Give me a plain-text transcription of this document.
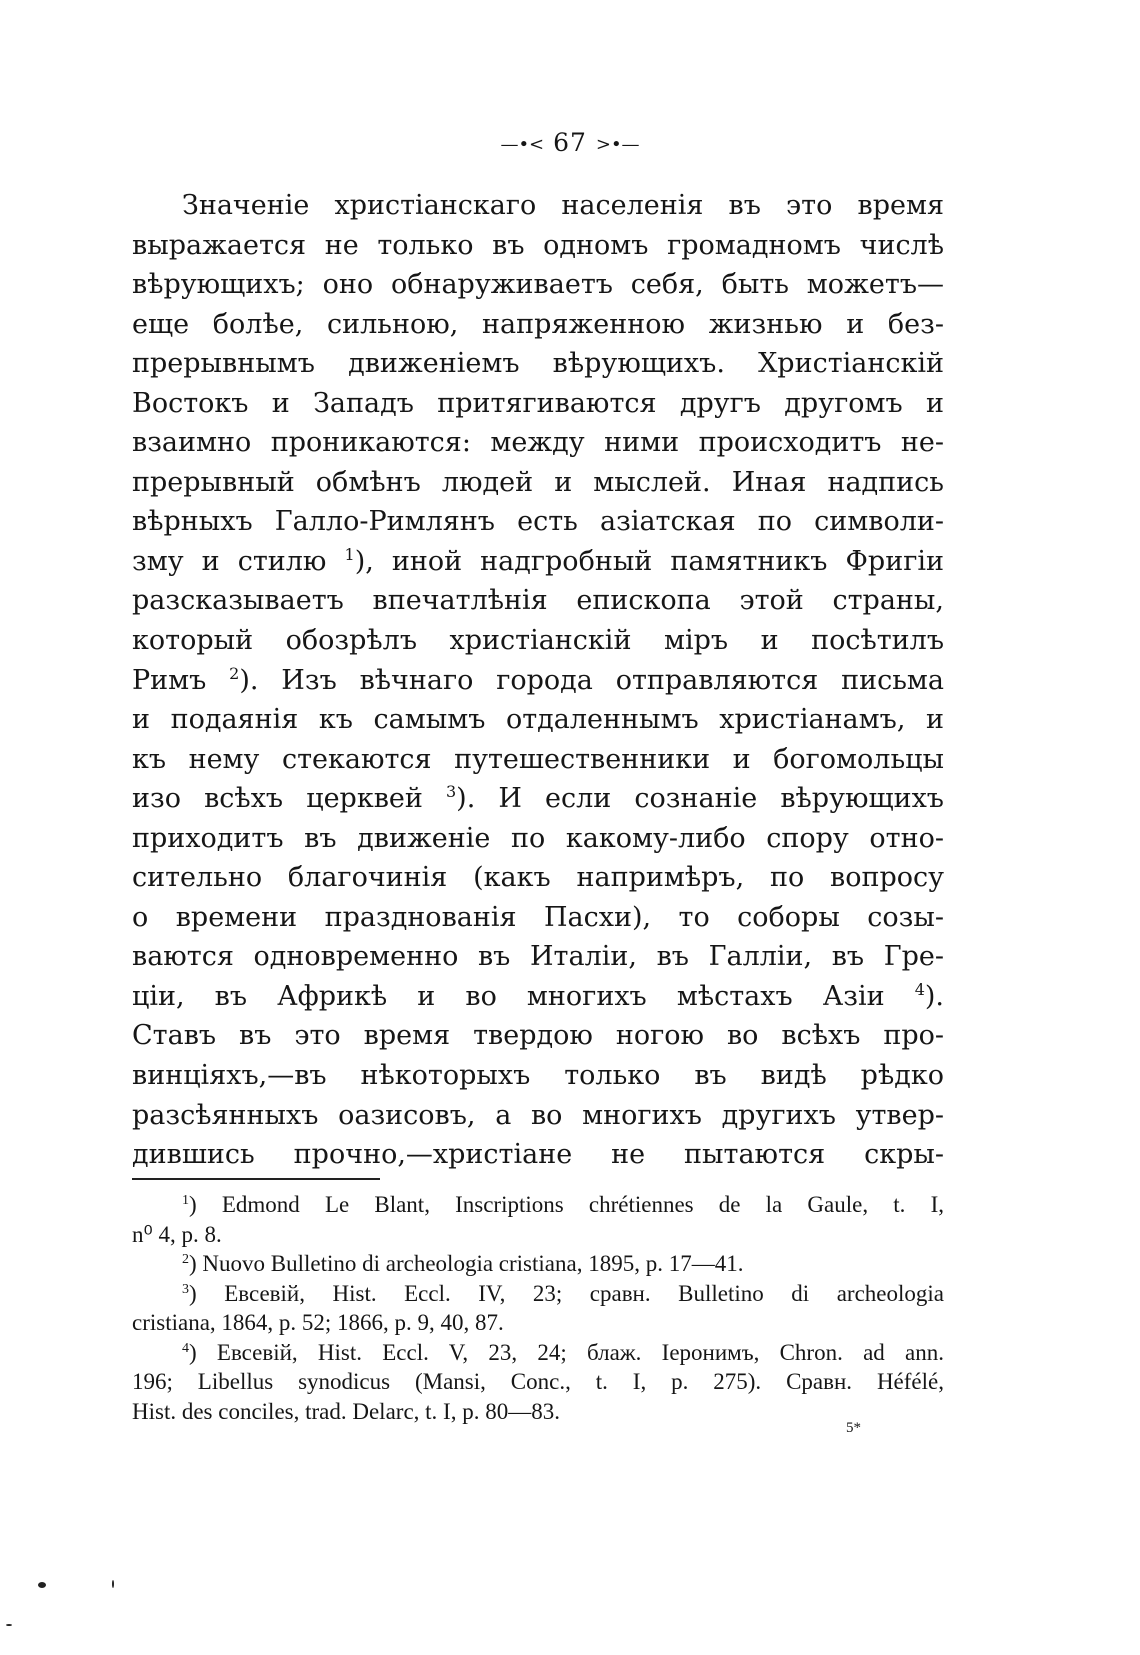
—•< 67 >•—
Значеніе христіанскаго населенія въ это время
выражается не только въ одномъ громадномъ числѣ
вѣрующихъ; оно обнаруживаетъ себя, быть можетъ—
еще болѣе, сильною, напряженною жизнью и без-
прерывнымъ движеніемъ вѣрующихъ. Христіанскій
Востокъ и Западъ притягиваются другъ другомъ и
взаимно проникаются: между ними происходитъ не-
прерывный обмѣнъ людей и мыслей. Иная надпись
вѣрныхъ Галло-Римлянъ есть азіатская по символи-
зму и стилю $^1$), иной надгробный памятникъ Фригіи
разсказываетъ впечатлѣнія епископа этой страны,
который обозрѣлъ христіанскій міръ и посѣтилъ
Римъ $^2$). Изъ вѣчнаго города отправляются письма
и подаянія къ самымъ отдаленнымъ христіанамъ, и
къ нему стекаются путешественники и богомольцы
изо всѣхъ церквей $^3$). И если сознаніе вѣрующихъ
приходитъ въ движеніе по какому-либо спору отно-
сительно благочинія (какъ напримѣръ, по вопросу
о времени празднованія Пасхи), то соборы созы-
ваются одновременно въ Италіи, въ Галліи, въ Гре-
ціи, въ Африкѣ и во многихъ мѣстахъ Азіи $^4$).
Ставъ въ это время твердою ногою во всѣхъ про-
винціяхъ,—въ нѣкоторыхъ только въ видѣ рѣдко
разсѣянныхъ оазисовъ, а во многихъ другихъ утвер-
дившись прочно,—христіане не пытаются скры-
$^1$) Edmond Le Blant, Inscriptions chrétiennes de la Gaule, t. I,
n⁰ 4, p. 8.
$^2$) Nuovo Bulletino di archeologia cristiana, 1895, p. 17—41.
$^3$) Евсевій, Hist. Eccl. IV, 23; сравн. Bulletino di archeologia
cristiana, 1864, p. 52; 1866, p. 9, 40, 87.
$^4$) Евсевій, Hist. Eccl. V, 23, 24; блаж. Іеронимъ, Chron. ad ann.
196; Libellus synodicus (Mansi, Conc., t. I, p. 275). Сравн. Héfélé,
Hist. des conciles, trad. Delarc, t. I, p. 80—83.
5*
